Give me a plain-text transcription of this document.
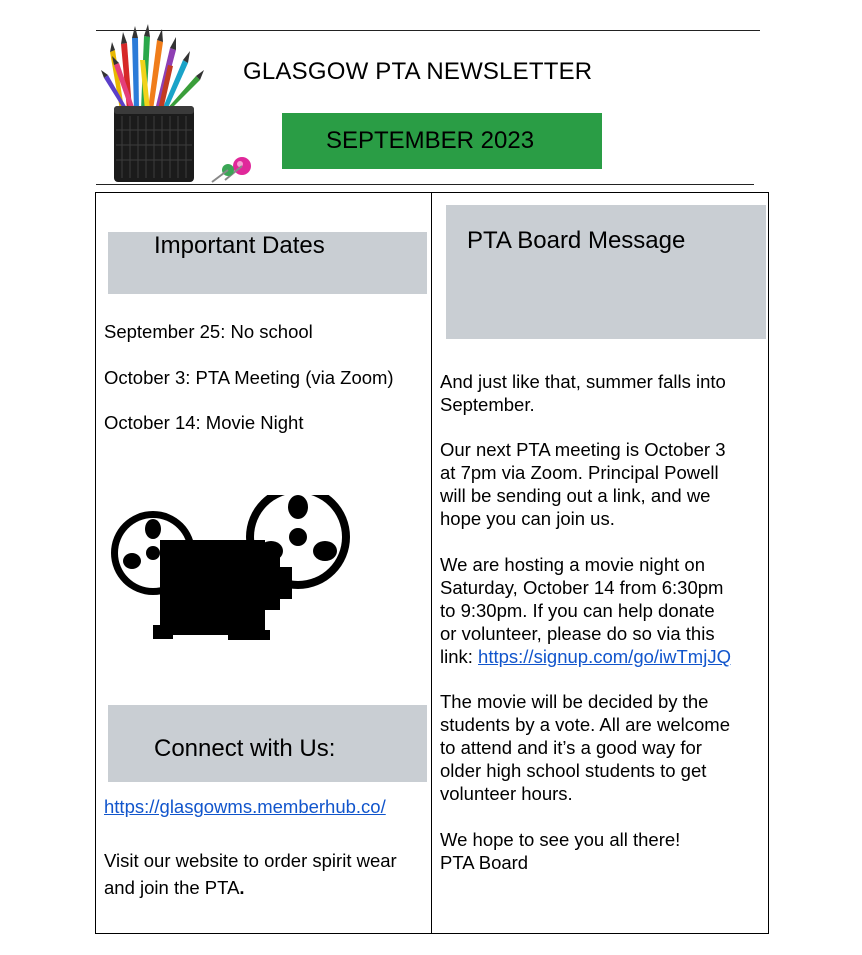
GLASGOW PTA NEWSLETTER
SEPTEMBER 2023
Important Dates
September 25: No school
October 3: PTA Meeting (via Zoom)
October 14: Movie Night
Connect with Us:
https://glasgowms.memberhub.co/
Visit our website to order spirit wear
and join the PTA.
PTA Board Message
And just like that, summer falls into
September.
Our next PTA meeting is October 3
at 7pm via Zoom. Principal Powell
will be sending out a link, and we
hope you can join us.
We are hosting a movie night on
Saturday, October 14 from 6:30pm
to 9:30pm. If you can help donate
or volunteer, please do so via this
link: https://signup.com/go/iwTmjJQ
The movie will be decided by the
students by a vote. All are welcome
to attend and it’s a good way for
older high school students to get
volunteer hours.
We hope to see you all there!
PTA Board
